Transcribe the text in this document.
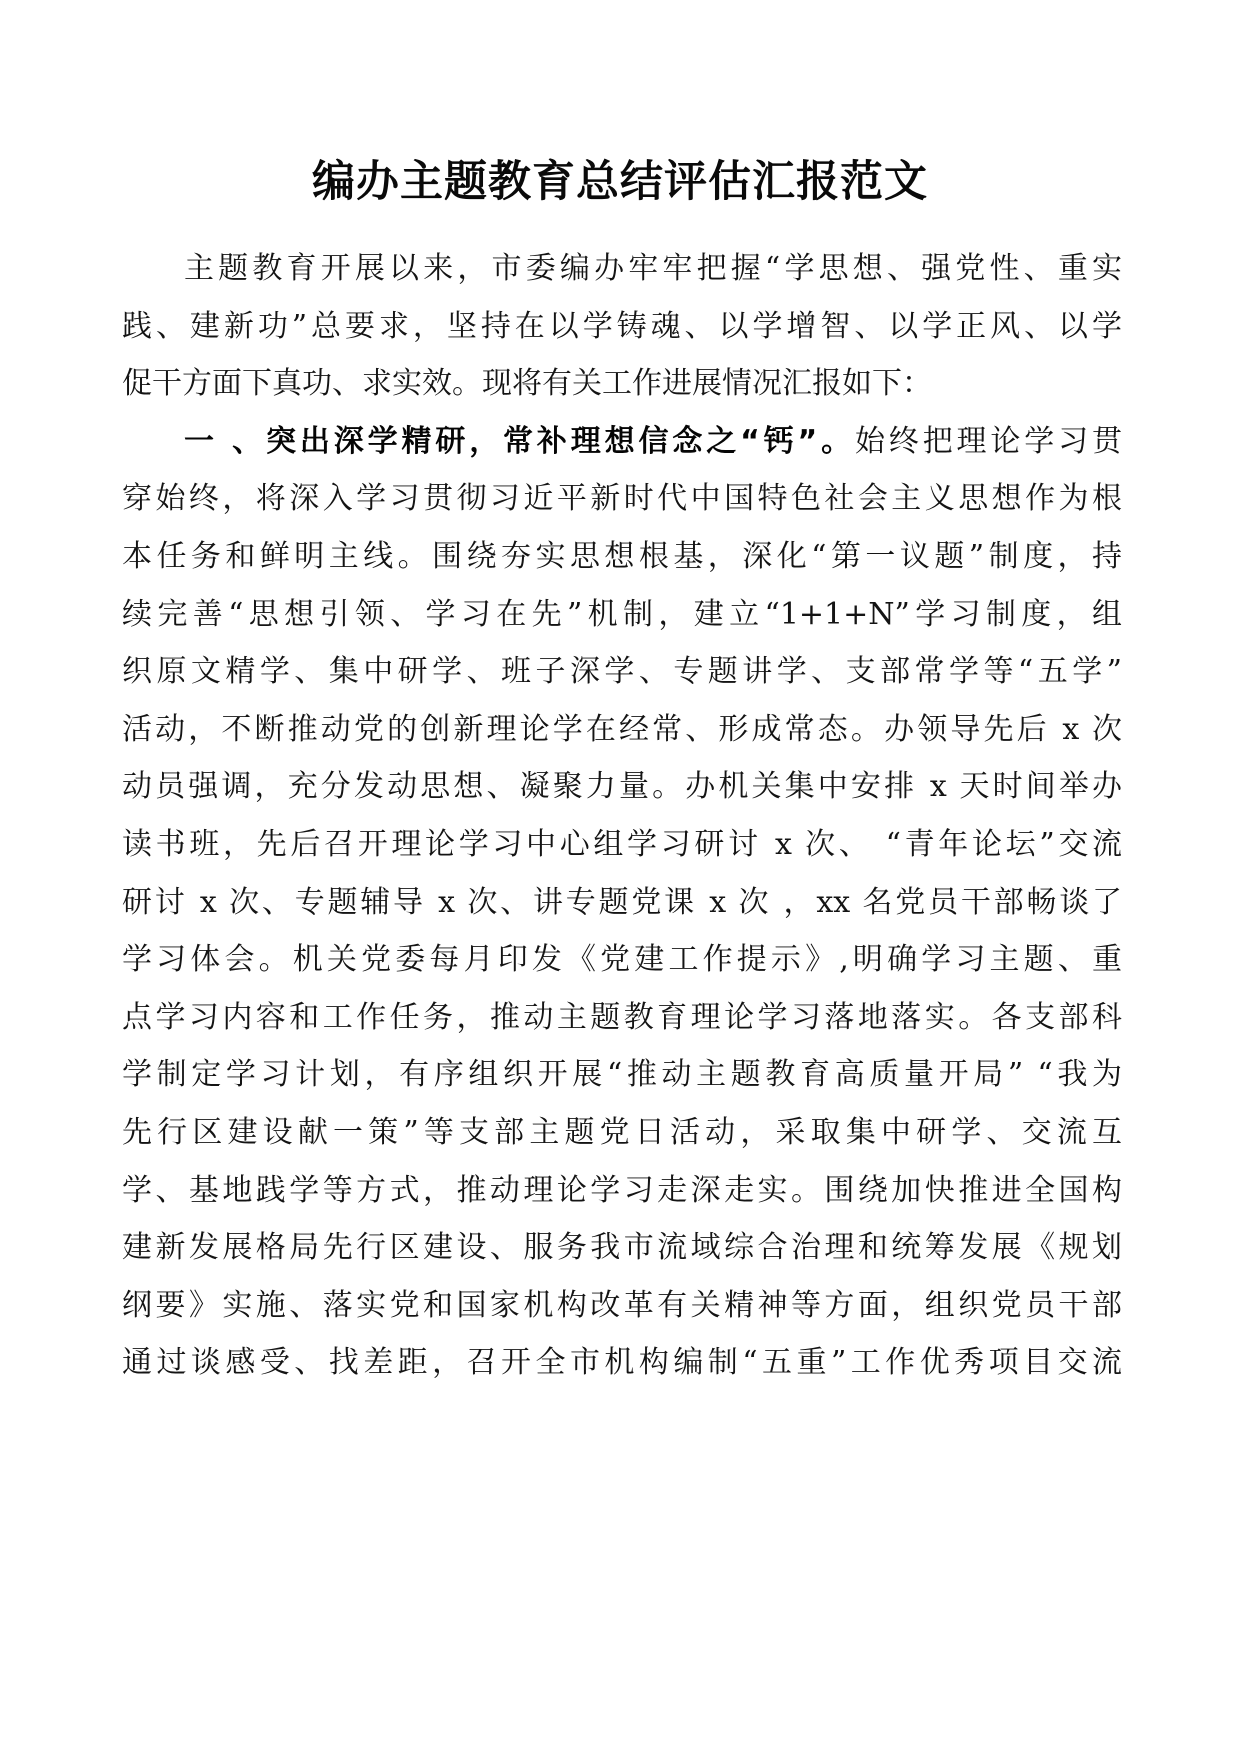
编办主题教育总结评估汇报范文
主题教育开展以来，市委编办牢牢把握“学思想、强党性、重实
践、建新功”总要求，坚持在以学铸魂、以学增智、以学正风、以学
促干方面下真功、求实效。现将有关工作进展情况汇报如下：
一 、突出深学精研，常补理想信念之“钙”。始终把理论学习贯
穿始终，将深入学习贯彻习近平新时代中国特色社会主义思想作为根
本任务和鲜明主线。围绕夯实思想根基，深化“第一议题”制度，持
续完善“思想引领、学习在先”机制，建立“1+1+N”学习制度，组
织原文精学、集中研学、班子深学、专题讲学、支部常学等“五学”
活动，不断推动党的创新理论学在经常、形成常态。办领导先后 x 次
动员强调，充分发动思想、凝聚力量。办机关集中安排 x 天时间举办
读书班，先后召开理论学习中心组学习研讨 x 次、 “青年论坛”交流
研讨 x 次、专题辅导 x 次、讲专题党课 x 次 ，xx 名党员干部畅谈了
学习体会。机关党委每月印发《党建工作提示》,明确学习主题、重
点学习内容和工作任务，推动主题教育理论学习落地落实。各支部科
学制定学习计划，有序组织开展“推动主题教育高质量开局” “我为
先行区建设献一策”等支部主题党日活动，采取集中研学、交流互
学、基地践学等方式，推动理论学习走深走实。围绕加快推进全国构
建新发展格局先行区建设、服务我市流域综合治理和统筹发展《规划
纲要》实施、落实党和国家机构改革有关精神等方面，组织党员干部
通过谈感受、找差距，召开全市机构编制“五重”工作优秀项目交流
